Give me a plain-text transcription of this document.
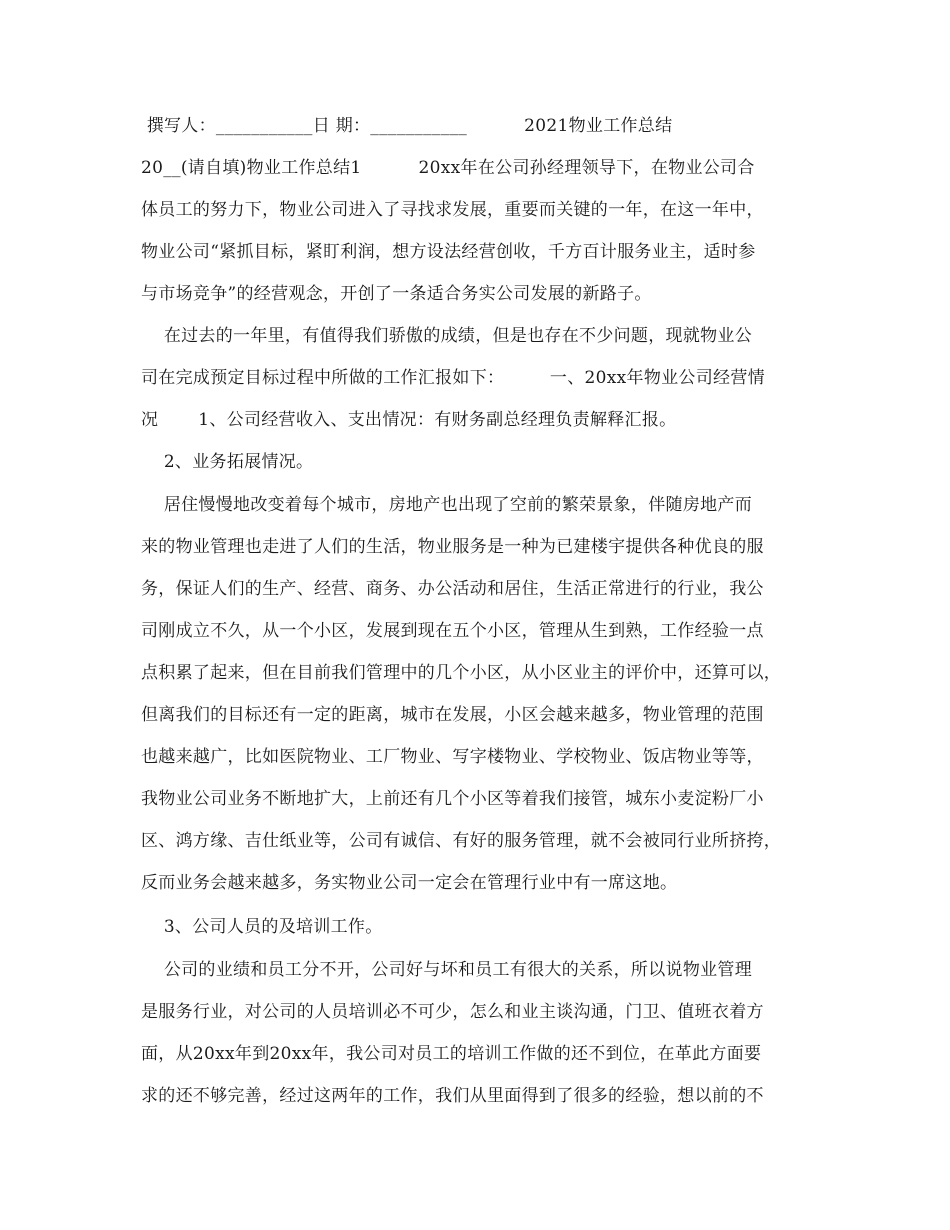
撰写人：___________日 期：___________          2021物业工作总结
20__(请自填)物业工作总结1          20xx年在公司孙经理领导下，在物业公司合
体员工的努力下，物业公司进入了寻找求发展，重要而关键的一年，在这一年中，
物业公司“紧抓目标，紧盯利润，想方设法经营创收，千方百计服务业主，适时参
与市场竞争”的经营观念，开创了一条适合务实公司发展的新路子。
在过去的一年里，有值得我们骄傲的成绩，但是也存在不少问题，现就物业公
司在完成预定目标过程中所做的工作汇报如下：        一、20xx年物业公司经营情
况       1、公司经营收入、支出情况：有财务副总经理负责解释汇报。
2、业务拓展情况。
居住慢慢地改变着每个城市，房地产也出现了空前的繁荣景象，伴随房地产而
来的物业管理也走进了人们的生活，物业服务是一种为已建楼宇提供各种优良的服
务，保证人们的生产、经营、商务、办公活动和居住，生活正常进行的行业，我公
司刚成立不久，从一个小区，发展到现在五个小区，管理从生到熟，工作经验一点
点积累了起来，但在目前我们管理中的几个小区，从小区业主的评价中，还算可以，
但离我们的目标还有一定的距离，城市在发展，小区会越来越多，物业管理的范围
也越来越广，比如医院物业、工厂物业、写字楼物业、学校物业、饭店物业等等，
我物业公司业务不断地扩大，上前还有几个小区等着我们接管，城东小麦淀粉厂小
区、鸿方缘、吉仕纸业等，公司有诚信、有好的服务管理，就不会被同行业所挤挎，
反而业务会越来越多，务实物业公司一定会在管理行业中有一席这地。
3、公司人员的及培训工作。
公司的业绩和员工分不开，公司好与坏和员工有很大的关系，所以说物业管理
是服务行业，对公司的人员培训必不可少，怎么和业主谈沟通，门卫、值班衣着方
面，从20xx年到20xx年，我公司对员工的培训工作做的还不到位，在革此方面要
求的还不够完善，经过这两年的工作，我们从里面得到了很多的经验，想以前的不
